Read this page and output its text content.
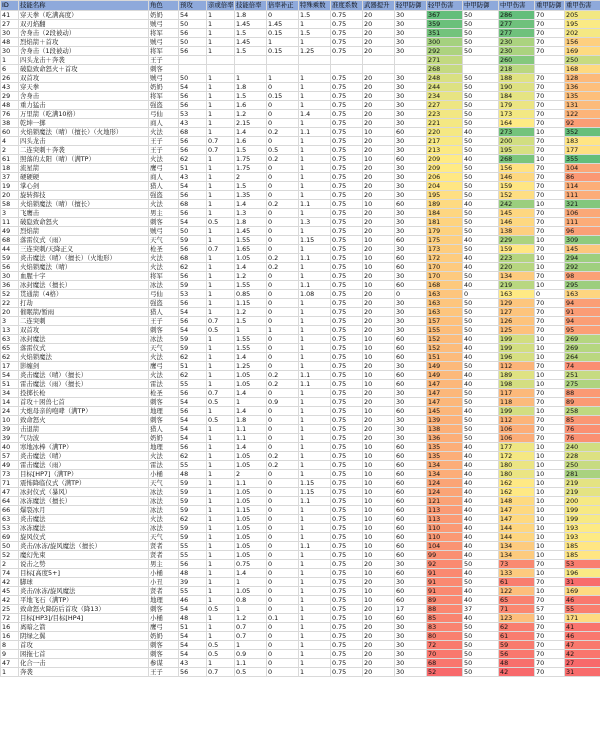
ID	技能名称	角色	预攻	亲或倍率	技能倍率	倍率补正	特殊乘数	准度系数	武器提升	轻甲防御	轻甲伤害	中甲防御	中甲伤害	重甲防御	重甲伤害
41	穿天拳（吃满高度）	奶奶	54	1	1.8	0	1.5	0.75	20	30	367	50	286	70	205
27	双刃焰翻	贼弓	50	1	1.45	1.45	1	0.75	20	30	359	50	277	70	195
30	舍身击（2段被动）	将军	56	1	1.5	0.15	1.5	0.75	20	30	351	50	277	70	202
48	烈焰箭＋首攻	贼弓	50	1	1.45	1	1	0.75	20	30	300	50	230	70	156
30	舍身击（1段被动）	将军	56	1	1.5	0.15	1.25	0.75	20	30	292	50	230	70	169
1	四头龙击＋奔袭	王子									271		260		250
6	破隐致命怒火＋首攻	刺客									268		218		168
26	双首攻	贼弓	50	1	1	1	1	0.75	20	30	248	50	188	70	128
43	穿天拳	奶奶	54	1	1.8	0	1	0.75	20	30	244	50	190	70	136
29	舍身击	将军	56	1	1.5	0.15	1	0.75	20	30	234	50	184	70	135
48	重力猛击	强盗	56	1	1.6	0	1	0.75	20	30	227	50	179	70	131
76	万里箭（吃满10格）	弓仙	53	1	1.2	0	1.4	0.75	20	30	223	50	173	70	122
38	乾坤一掷	商人	43	1	2.15	0	1	0.75	20	30	221	50	164	70	92
60	火焰锁魔法（晴）（擅长）（火地形）	火法	68	1	1.4	0.2	1.1	0.75	10	60	220	40	273	10	352
4	四头龙击	王子	56	0.7	1.6	0	1	0.75	20	30	217	50	200	70	183
2	二连突刺＋奔袭	王子	56	0.7	1.5	0.5	1	0.75	20	30	213	50	195	70	177
61	照落的太阳（晴）（满TP）	火法	62	1	1.75	0.2	1	0.75	10	60	209	40	268	10	355
18	流星箭	鹰弓	51	1	1.75	0	1	0.75	20	30	209	50	156	70	104
37	硬硬硬	商人	43	1	2	0	1	0.75	20	30	206	50	146	70	86
19	掌心剑	猎人	54	1	1.5	0	1	0.75	20	30	204	50	159	70	114
20	旋转挥技	强盗	56	1	1.35	0	1	0.75	20	30	195	50	152	70	111
58	火焰锁魔法（晴）（擅长）	火法	68	1	1.4	0.2	1.1	0.75	10	60	189	40	242	10	321
3	飞鹰击	男主	56	1	1.3	0	1	0.75	20	30	184	50	145	70	106
11	破隐致命怒火	刺客	54	0.5	1.8	0	1.3	0.75	20	30	181	50	146	70	111
49	烈焰箭	贼弓	50	1	1.45	0	1	0.75	20	30	179	50	138	70	96
68	落雷仪式（雨）	天气	59	1	1.55	0	1.15	0.75	10	60	175	40	229	10	309
44	三连突刺/天降正义	枪圣	56	0.7	1.65	0	1	0.75	20	30	173	50	159	70	145
59	炎击魔法（晴）（擅长）（火地形）	火法	68	1	1.05	0.2	1.1	0.75	10	60	172	40	223	10	294
56	火焰锁魔法（晴）	火法	62	1	1.4	0.2	1	0.75	10	60	170	40	220	10	292
30	血腥十字	将军	56	1	1.2	0	1	0.75	20	30	170	50	134	70	98
36	冰封魔法（擅长）	冰法	59	1	1.55	0	1.1	0.75	10	60	168	40	219	10	295
52	贯通箭（4格）	弓仙	53	1	0.85	0	1.08	0.75	20	0	163	0	163	0	163
22	打劫	强盗	56	1	1.15	0	1	0.75	20	30	163	50	129	70	94
20	催眠箭/暂雨	猎人	54	1	1.2	0	1	0.75	20	30	163	50	127	70	91
3	二连突刺	王子	56	0.7	1.5	0	1	0.75	20	30	157	50	126	70	94
13	双首攻	刺客	54	0.5	1	1	1	0.75	20	30	155	50	125	70	95
63	冰封魔法	冰法	59	1	1.55	0	1	0.75	10	60	152	40	199	10	269
65	落雷仪式	天气	59	1	1.55	0	1	0.75	10	60	152	40	199	10	269
62	火焰锁魔法	火法	62	1	1.4	0	1	0.75	10	60	151	40	196	10	264
17	影缠剑	鹰弓	51	1	1.25	0	1	0.75	20	30	149	50	112	70	74
54	炎击魔法（晴）（擅长）	火法	62	1	1.05	0.2	1.1	0.75	10	60	149	40	189	10	251
51	雷击魔法（雨）（擅长）	雷法	55	1	1.05	0.2	1.1	0.75	10	60	147	40	198	10	275
34	投掷长枪	枪圣	56	0.7	1.4	0	1	0.75	20	30	147	50	117	70	88
14	首攻＋困兽七首	刺客	54	0.5	1	0.9	1	0.75	20	30	147	50	118	70	89
24	大炮母亲的咆哮（满TP）	地理	56	1	1.4	0	1	0.75	10	60	145	40	199	10	258
10	致命怒火	刺客	54	0.5	1.8	0	1	0.75	20	30	139	50	112	70	85
39	击退箭	猎人	54	1	1.1	0	1	0.75	20	30	138	50	106	70	76
39	气功波	奶奶	54	1	1.1	0	1	0.75	20	30	136	50	106	70	76
40	寒地冰棒（满TP）	地理	56	1	1.4	0	1	0.75	10	60	135	40	177	10	240
57	炎击魔法（晴）	火法	62	1	1.05	0.2	1	0.75	10	60	135	40	172	10	228
49	雷击魔法（雨）	雷法	55	1	1.05	0.2	1	0.75	10	60	134	40	180	10	250
73	目标[HP7]（满TP）	小桶	48	1	2	0	1	0.75	10	60	134	40	180	10	281
71	震怖降临仪式（满TP）	天气	59	1	1.1	0	1.15	0.75	10	60	124	40	162	10	219
47	冰封仪式（暴风）	冰法	59	1	1.05	0	1.15	0.75	10	60	124	40	162	10	219
64	冰冻魔法（擅长）	冰法	59	1	1.05	0	1.1	0.75	10	60	121	40	148	10	200
66	爆裂冰月	冰法	59	1	1.15	0	1	0.75	10	60	113	40	147	10	199
63	炎击魔法	火法	62	1	1.05	0	1	0.75	10	60	113	40	147	10	199
53	冰冻魔法	冰法	59	1	1.05	0	1	0.75	10	60	110	40	144	10	193
69	旋风仪式	天气	59	1	1.05	0	1	0.75	10	60	110	40	144	10	193
50	炎击/冰冻/旋风魔法（擅长）	贤者	55	1	1.05	0	1.1	0.75	10	60	104	40	134	10	185
52	魔幻先束	贤者	55	1	1.05	0	1	0.75	10	60	99	40	134	10	185
2	说击之势	男主	56	1	0.75	0	1	0.75	20	30	92	50	73	70	53
74	目标[高度5+]	小桶	48	1	1.4	0	1	0.75	10	60	91	40	133	10	196
42	脚球	小丑	39	1	1	0	1	0.75	20	30	91	50	61	70	31
45	炎击/冰冻/旋风魔法	贤者	55	1	1.05	0	1	0.75	10	60	91	40	122	10	169
42	平地飞石（满TP）	地理	46	1	0.8	0	1	0.75	10	60	89	40	65	70	46
25	致命怒火降防后首攻（降13）	刺客	54	0.5	1	0	1	0.75	20	17	88	37	71	57	55
72	目标[HP3]/目标[HP4]	小桶	48	1	1.2	0.1	1	0.75	10	60	85	40	123	10	171
16	离暗之箭	鹰弓	51	1	0.7	0	1	0.75	20	30	83	50	62	70	41
16	阴绿之翼	奶奶	54	1	0.7	0	1	0.75	20	30	80	50	61	70	46
8	首攻	刺客	54	0.5	1	0	1	0.75	20	30	72	50	59	70	47
9	困拖七首	刺客	54	0.5	0.9	0	1	0.75	20	30	70	50	56	70	42
47	化合一击	参谋	43	1	1.1	0	1	0.75	20	30	68	50	48	70	27
1	奔袭	王子	56	0.7	0.5	0	1	0.75	20	30	52	50	42	70	31
